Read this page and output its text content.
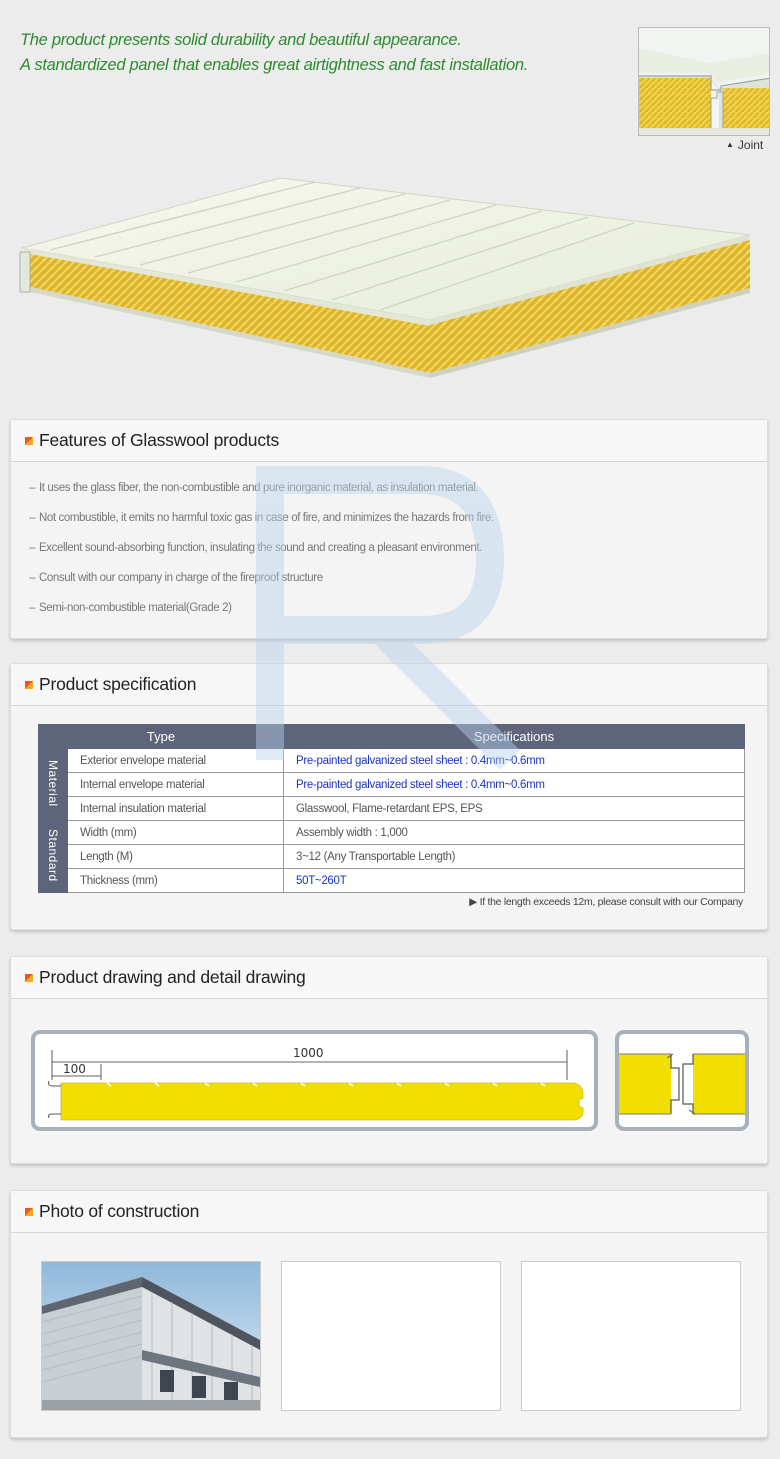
The product presents solid durability and beautiful appearance.
A standardized panel that enables great airtightness and fast installation.
▲ Joint
Features of Glasswool products
– It uses the glass fiber, the non-combustible and pure inorganic material, as insulation material.
– Not combustible, it emits no harmful toxic gas in case of fire, and minimizes the hazards from fire.
– Excellent sound-absorbing function, insulating the sound and creating a pleasant environment.
– Consult with our company in charge of the fireproof structure
– Semi-non-combustible material(Grade 2)
Product specification
Type		Specifications
Material	Exterior envelope material	Pre-painted galvanized steel sheet : 0.4mm~0.6mm
	Internal envelope material	Pre-painted galvanized steel sheet : 0.4mm~0.6mm
	Internal insulation material	Glasswool, Flame-retardant EPS, EPS
Standard	Width (mm)	Assembly width : 1,000
	Length (M)	3~12 (Any Transportable Length)
	Thickness (mm)	50T~260T
▶ If the length exceeds 12m, please consult with our Company
Product drawing and detail drawing
1000
100
Photo of construction
